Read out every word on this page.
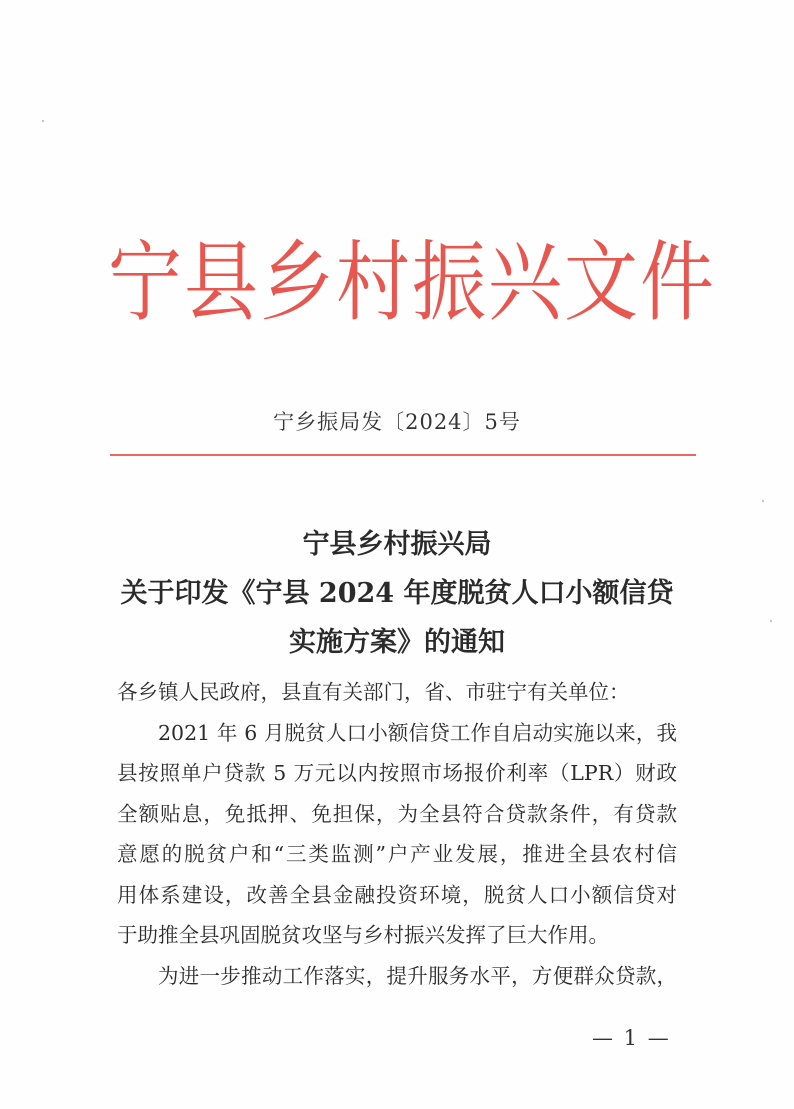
宁 县 乡 村 振 兴 文 件
宁乡振局发〔2024〕5号
宁县乡村振兴局
关于印发《宁县 2024 年度脱贫人口小额信贷
实施方案》的通知
各乡镇人民政府，县直有关部门，省、市驻宁有关单位：
2021 年 6 月脱贫人口小额信贷工作自启动实施以来，我
县按照单户贷款 5 万元以内按照市场报价利率（LPR）财政
全额贴息，免抵押、免担保，为全县符合贷款条件，有贷款
意愿的脱贫户和“三类监测”户产业发展，推进全县农村信
用体系建设，改善全县金融投资环境，脱贫人口小额信贷对
于助推全县巩固脱贫攻坚与乡村振兴发挥了巨大作用。
为进一步推动工作落实，提升服务水平，方便群众贷款，
— 1 —
